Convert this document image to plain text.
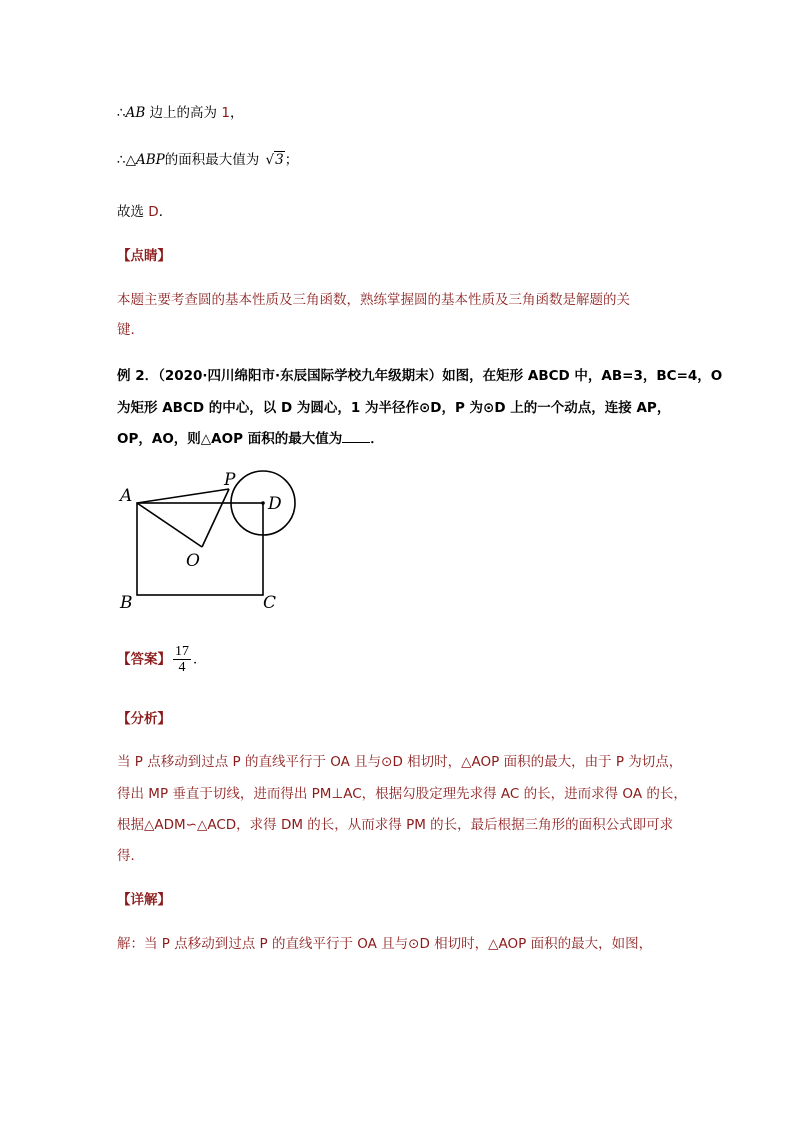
∴AB 边上的高为 1，
∴△ABP的面积最大值为 √3；
故选 D．
【点睛】
本题主要考查圆的基本性质及三角函数，熟练掌握圆的基本性质及三角函数是解题的关
键．
例 2．（2020·四川绵阳市·东辰国际学校九年级期末）如图，在矩形 ABCD 中，AB=3，BC=4，O
为矩形 ABCD 的中心，以 D 为圆心，1 为半径作⊙D，P 为⊙D 上的一个动点，连接 AP，
OP，AO，则△AOP 面积的最大值为 ．
A
P
D
O
B	C
【答案】 $\frac{17}{4}$ ．
【分析】
当 P 点移动到过点 P 的直线平行于 OA 且与⊙D 相切时，△AOP 面积的最大，由于 P 为切点，
得出 MP 垂直于切线，进而得出 PM⊥AC，根据勾股定理先求得 AC 的长，进而求得 OA 的长，
根据△ADM∽△ACD，求得 DM 的长，从而求得 PM 的长，最后根据三角形的面积公式即可求
得．
【详解】
解：当 P 点移动到过点 P 的直线平行于 OA 且与⊙D 相切时，△AOP 面积的最大，如图，
